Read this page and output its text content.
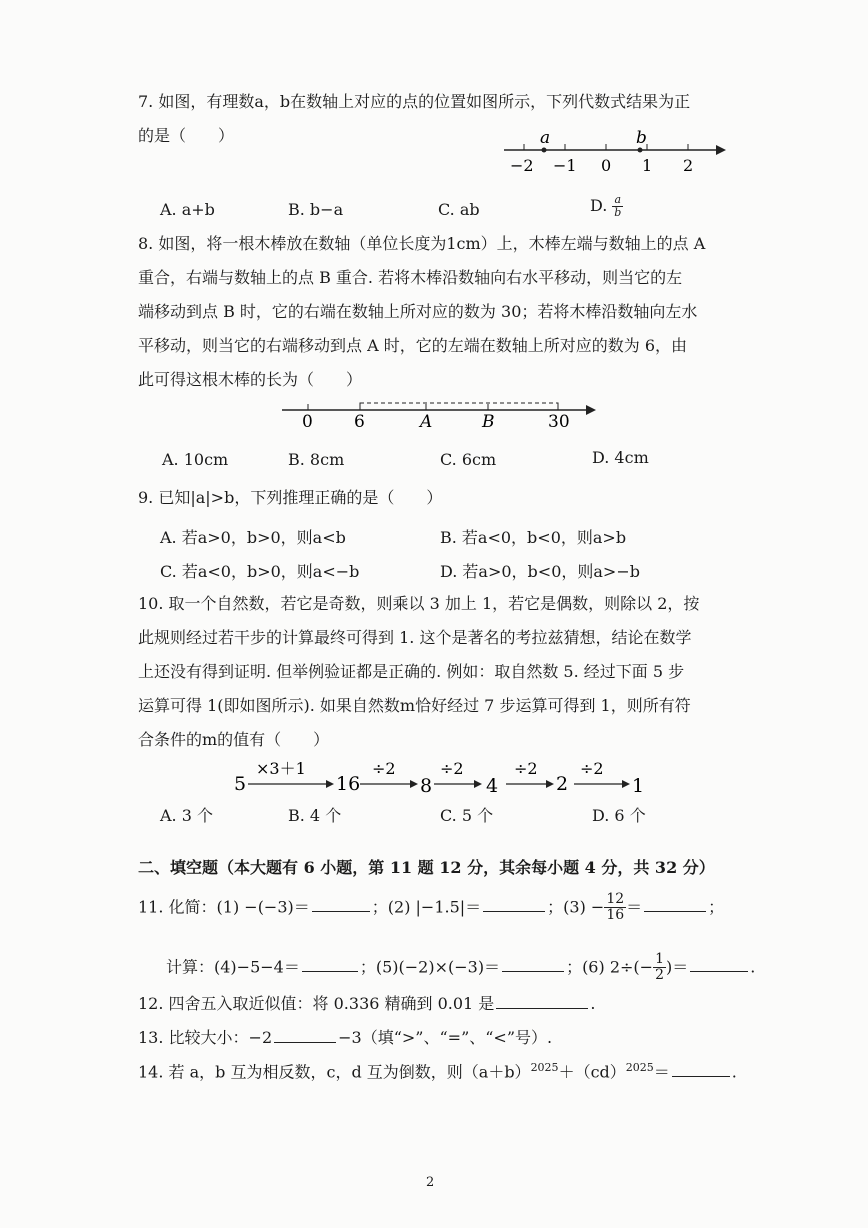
7. 如图，有理数a，b在数轴上对应的点的位置如图所示，下列代数式结果为正
的是（　　）	a	b
−2 −1 0 1 2
A. a+b	B. b−a	C. ab	D. $\frac{a}{b}$
8. 如图，将一根木棒放在数轴（单位长度为1cm）上，木棒左端与数轴上的点 A
重合，右端与数轴上的点 B 重合. 若将木棒沿数轴向右水平移动，则当它的左
端移动到点 B 时，它的右端在数轴上所对应的数为 30；若将木棒沿数轴向左水
平移动，则当它的右端移动到点 A 时，它的左端在数轴上所对应的数为 6，由
此可得这根木棒的长为（　　）
0 6	A	B	30
A. 10cm	B. 8cm	C. 6cm	D. 4cm
9. 已知|a|>b，下列推理正确的是（　　）
A. 若a>0，b>0，则a<b	B. 若a<0，b<0，则a>b
C. 若a<0，b>0，则a<−b	D. 若a>0，b<0，则a>−b
10. 取一个自然数，若它是奇数，则乘以 3 加上 1，若它是偶数，则除以 2，按
此规则经过若干步的计算最终可得到 1. 这个是著名的考拉兹猜想，结论在数学
上还没有得到证明. 但举例验证都是正确的. 例如：取自然数 5. 经过下面 5 步
运算可得 1(即如图所示). 如果自然数m恰好经过 7 步运算可得到 1，则所有符
合条件的m的值有（　　）
5
×3＋1
16
÷2
8
÷2
4
÷2
2
÷2
1
A. 3 个	B. 4 个	C. 5 个	D. 6 个
二、填空题（本大题有 6 小题，第 11 题 12 分，其余每小题 4 分，共 32 分）
11. 化简：(1) −(−3)＝	；(2) |−1.5|＝	；$(3) - \frac{12}{16}$ ＝	；
计算：(4)−5−4＝	；(5)(−2)×(−3)＝	；(6) $2\div(- \frac{1}{2}$ )＝	.
12. 四舍五入取近似值：将 0.336 精确到 0.01 是	.
13. 比较大小：−2	−3（填“>”、“=”、“<”号）.
14. 若 a，b 互为相反数，c，d 互为倒数，则$(a+b)^{2025}+(cd)^{2025}=$	.
2
